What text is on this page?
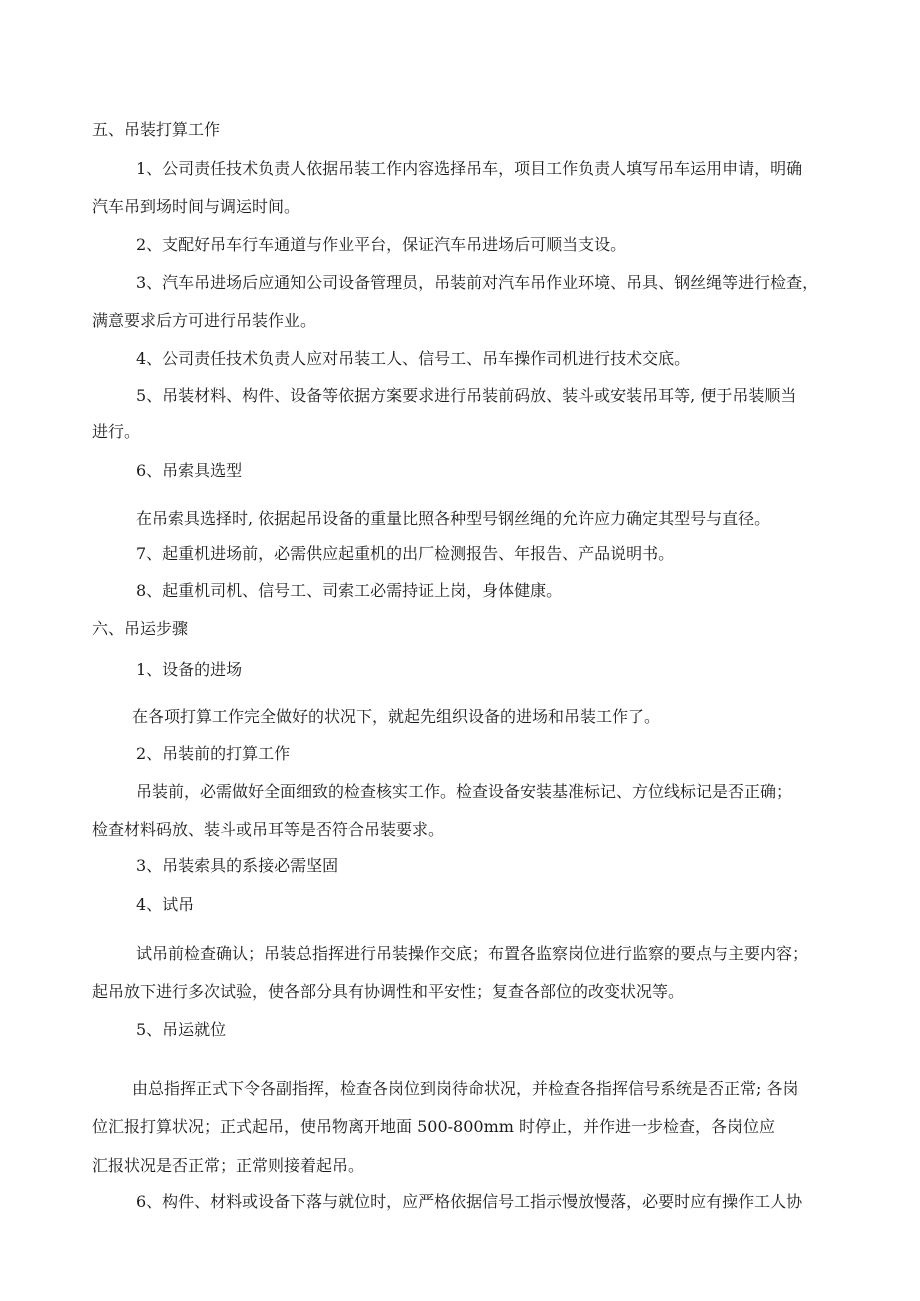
五、吊装打算工作
1、公司责任技术负责人依据吊装工作内容选择吊车，项目工作负责人填写吊车运用申请，明确
汽车吊到场时间与调运时间。
2、支配好吊车行车通道与作业平台，保证汽车吊进场后可顺当支设。
3、汽车吊进场后应通知公司设备管理员，吊装前对汽车吊作业环境、吊具、钢丝绳等进行检查，
满意要求后方可进行吊装作业。
4、公司责任技术负责人应对吊装工人、信号工、吊车操作司机进行技术交底。
5、吊装材料、构件、设备等依据方案要求进行吊装前码放、装斗或安装吊耳等, 便于吊装顺当
进行。
6、吊索具选型
在吊索具选择时, 依据起吊设备的重量比照各种型号钢丝绳的允许应力确定其型号与直径。
7、起重机进场前，必需供应起重机的出厂检测报告、年报告、产品说明书。
8、起重机司机、信号工、司索工必需持证上岗，身体健康。
六、吊运步骤
1、设备的进场
在各项打算工作完全做好的状况下，就起先组织设备的进场和吊装工作了。
2、吊装前的打算工作
吊装前，必需做好全面细致的检查核实工作。检查设备安装基准标记、方位线标记是否正确；
检查材料码放、装斗或吊耳等是否符合吊装要求。
3、吊装索具的系接必需坚固
4、试吊
试吊前检查确认；吊装总指挥进行吊装操作交底；布置各监察岗位进行监察的要点与主要内容；
起吊放下进行多次试验，使各部分具有协调性和平安性；复查各部位的改变状况等。
5、吊运就位
由总指挥正式下令各副指挥，检查各岗位到岗待命状况，并检查各指挥信号系统是否正常; 各岗
位汇报打算状况；正式起吊，使吊物离开地面 500-800mm 时停止，并作进一步检查，各岗位应
汇报状况是否正常；正常则接着起吊。
6、构件、材料或设备下落与就位时，应严格依据信号工指示慢放慢落，必要时应有操作工人协
